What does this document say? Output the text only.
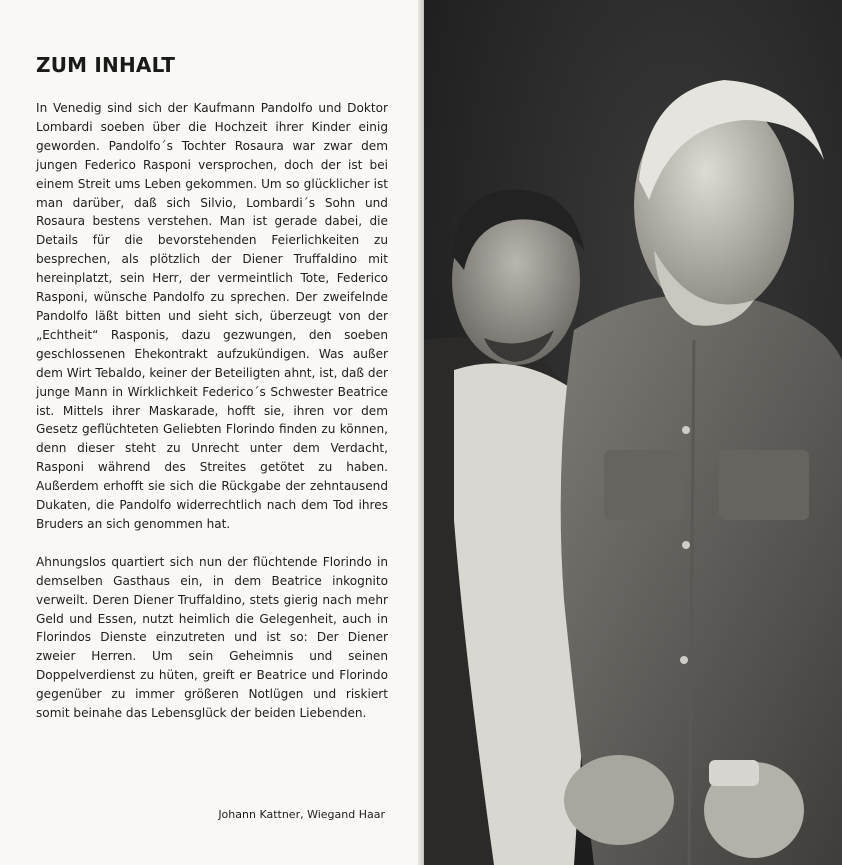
ZUM INHALT

In Venedig sind sich der Kaufmann Pandolfo und Doktor Lombardi soeben über die Hochzeit ihrer Kinder einig geworden. Pandolfo´s Tochter Rosaura war zwar dem jungen Federico Rasponi versprochen, doch der ist bei einem Streit ums Leben gekommen. Um so glücklicher ist man darüber, daß sich Silvio, Lombardi´s Sohn und Rosaura bestens verstehen. Man ist gerade dabei, die Details für die bevorstehenden Feierlichkeiten zu besprechen, als plötzlich der Diener Truffaldino mit hereinplatzt, sein Herr, der vermeintlich Tote, Federico Rasponi, wünsche Pandolfo zu sprechen. Der zweifelnde Pandolfo läßt bitten und sieht sich, überzeugt von der „Echtheit“ Rasponis, dazu gezwungen, den soeben geschlossenen Ehekontrakt aufzukündigen. Was außer dem Wirt Tebaldo, keiner der Beteiligten ahnt, ist, daß der junge Mann in Wirklichkeit Federico´s Schwester Beatrice ist. Mittels ihrer Maskarade, hofft sie, ihren vor dem Gesetz geflüchteten Geliebten Florindo finden zu können, denn dieser steht zu Unrecht unter dem Verdacht, Rasponi während des Streites getötet zu haben. Außerdem erhofft sie sich die Rückgabe der zehntausend Dukaten, die Pandolfo widerrechtlich nach dem Tod ihres Bruders an sich genommen hat.

Ahnungslos quartiert sich nun der flüchtende Florindo in demselben Gasthaus ein, in dem Beatrice inkognito verweilt. Deren Diener Truffaldino, stets gierig nach mehr Geld und Essen, nutzt heimlich die Gelegenheit, auch in Florindos Dienste einzutreten und ist so: Der Diener zweier Herren. Um sein Geheimnis und seinen Doppelverdienst zu hüten, greift er Beatrice und Florindo gegenüber zu immer größeren Notlügen und riskiert somit beinahe das Lebensglück der beiden Liebenden.

Johann Kattner, Wiegand Haar
